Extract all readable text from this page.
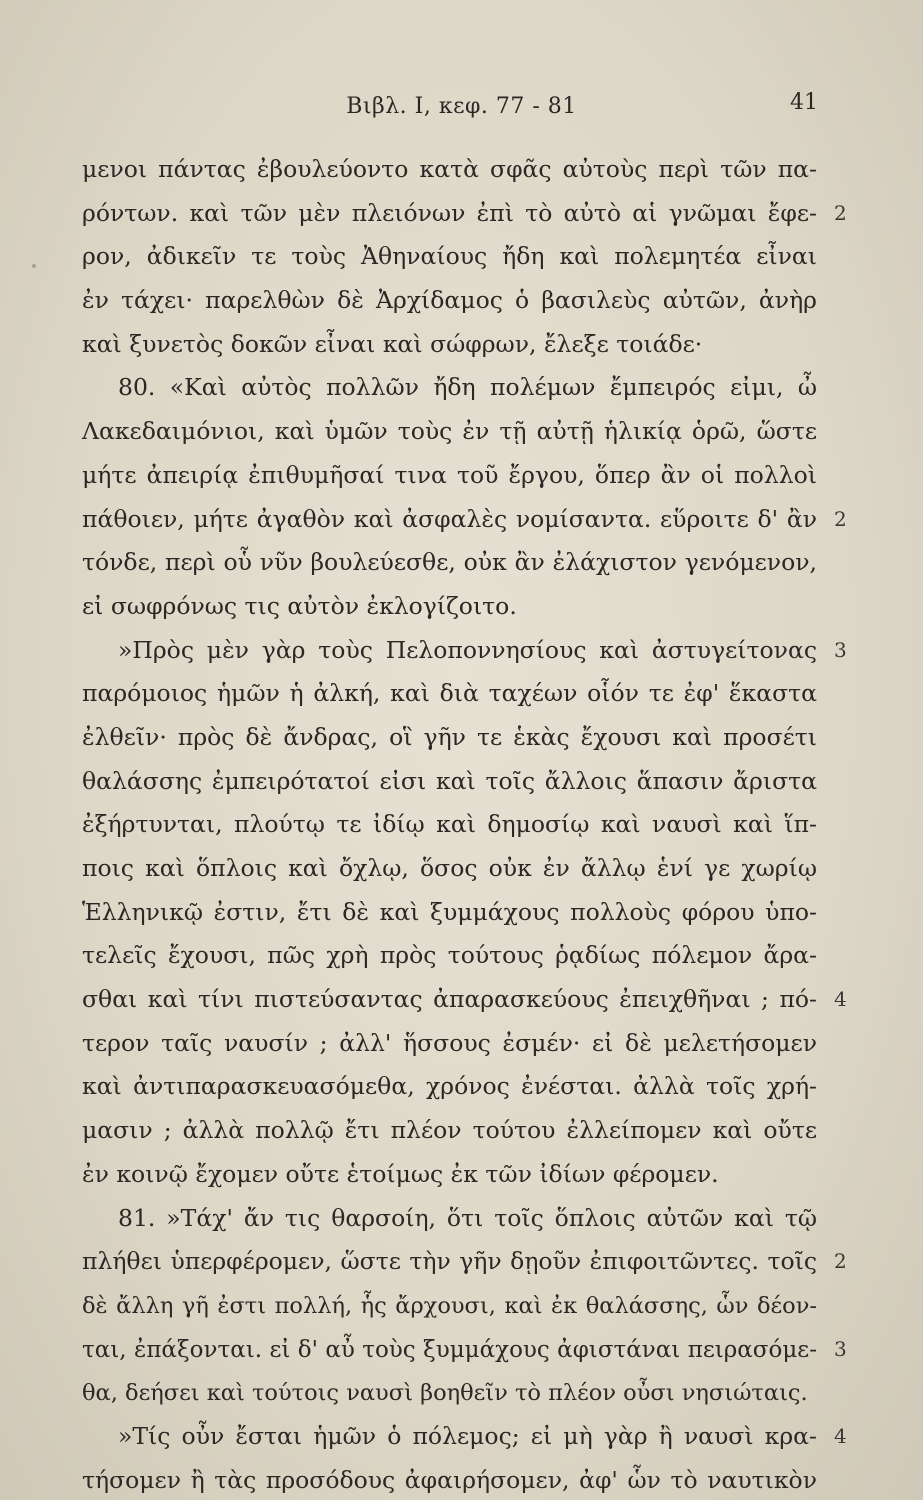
Βιβλ. I, κεφ. 77 - 81	41
μενοι πάντας ἐβουλεύοντο κατὰ σφᾶς αὐτοὺς περὶ τῶν πα-
ρόντων. καὶ τῶν μὲν πλειόνων ἐπὶ τὸ αὐτὸ αἱ γνῶμαι ἔφε- 2
ρον, ἀδικεῖν τε τοὺς Ἀθηναίους ἤδη καὶ πολεμητέα εἶναι
ἐν τάχει· παρελθὼν δὲ Ἀρχίδαμος ὁ βασιλεὺς αὐτῶν, ἀνὴρ
καὶ ξυνετὸς δοκῶν εἶναι καὶ σώφρων, ἔλεξε τοιάδε·
80. «Καὶ αὐτὸς πολλῶν ἤδη πολέμων ἔμπειρός εἰμι, ὦ
Λακεδαιμόνιοι, καὶ ὑμῶν τοὺς ἐν τῇ αὐτῇ ἡλικίᾳ ὁρῶ, ὥστε
μήτε ἀπειρίᾳ ἐπιθυμῆσαί τινα τοῦ ἔργου, ὅπερ ἂν οἱ πολλοὶ
πάθοιεν, μήτε ἀγαθὸν καὶ ἀσφαλὲς νομίσαντα. εὕροιτε δ' ἂν 2
τόνδε, περὶ οὗ νῦν βουλεύεσθε, οὐκ ἂν ἐλάχιστον γενόμενον,
εἰ σωφρόνως τις αὐτὸν ἐκλογίζοιτο.
»Πρὸς μὲν γὰρ τοὺς Πελοποννησίους καὶ ἀστυγείτονας 3
παρόμοιος ἡμῶν ἡ ἀλκή, καὶ διὰ ταχέων οἷόν τε ἐφ' ἕκαστα
ἐλθεῖν· πρὸς δὲ ἄνδρας, οἳ γῆν τε ἑκὰς ἔχουσι καὶ προσέτι
θαλάσσης ἐμπειρότατοί εἰσι καὶ τοῖς ἄλλοις ἅπασιν ἄριστα
ἐξήρτυνται, πλούτῳ τε ἰδίῳ καὶ δημοσίῳ καὶ ναυσὶ καὶ ἵπ-
ποις καὶ ὅπλοις καὶ ὄχλῳ, ὅσος οὐκ ἐν ἄλλῳ ἑνί γε χωρίῳ
Ἑλληνικῷ ἐστιν, ἔτι δὲ καὶ ξυμμάχους πολλοὺς φόρου ὑπο-
τελεῖς ἔχουσι, πῶς χρὴ πρὸς τούτους ῥᾳδίως πόλεμον ἄρα-
σθαι καὶ τίνι πιστεύσαντας ἀπαρασκεύους ἐπειχθῆναι ; πό- 4
τερον ταῖς ναυσίν ; ἀλλ' ἥσσους ἐσμέν· εἰ δὲ μελετήσομεν
καὶ ἀντιπαρασκευασόμεθα, χρόνος ἐνέσται. ἀλλὰ τοῖς χρή-
μασιν ; ἀλλὰ πολλῷ ἔτι πλέον τούτου ἐλλείπομεν καὶ οὔτε
ἐν κοινῷ ἔχομεν οὔτε ἑτοίμως ἐκ τῶν ἰδίων φέρομεν.
81. »Τάχ' ἄν τις θαρσοίη, ὅτι τοῖς ὅπλοις αὐτῶν καὶ τῷ
πλήθει ὑπερφέρομεν, ὥστε τὴν γῆν δῃοῦν ἐπιφοιτῶντες. τοῖς 2
δὲ ἄλλη γῆ ἐστι πολλή, ἧς ἄρχουσι, καὶ ἐκ θαλάσσης, ὧν δέον-
ται, ἐπάξονται. εἰ δ' αὖ τοὺς ξυμμάχους ἀφιστάναι πειρασόμε- 3
θα, δεήσει καὶ τούτοις ναυσὶ βοηθεῖν τὸ πλέον οὖσι νησιώταις.
»Τίς οὖν ἔσται ἡμῶν ὁ πόλεμος; εἰ μὴ γὰρ ἢ ναυσὶ κρα- 4
τήσομεν ἢ τὰς προσόδους ἀφαιρήσομεν, ἀφ' ὧν τὸ ναυτικὸν
